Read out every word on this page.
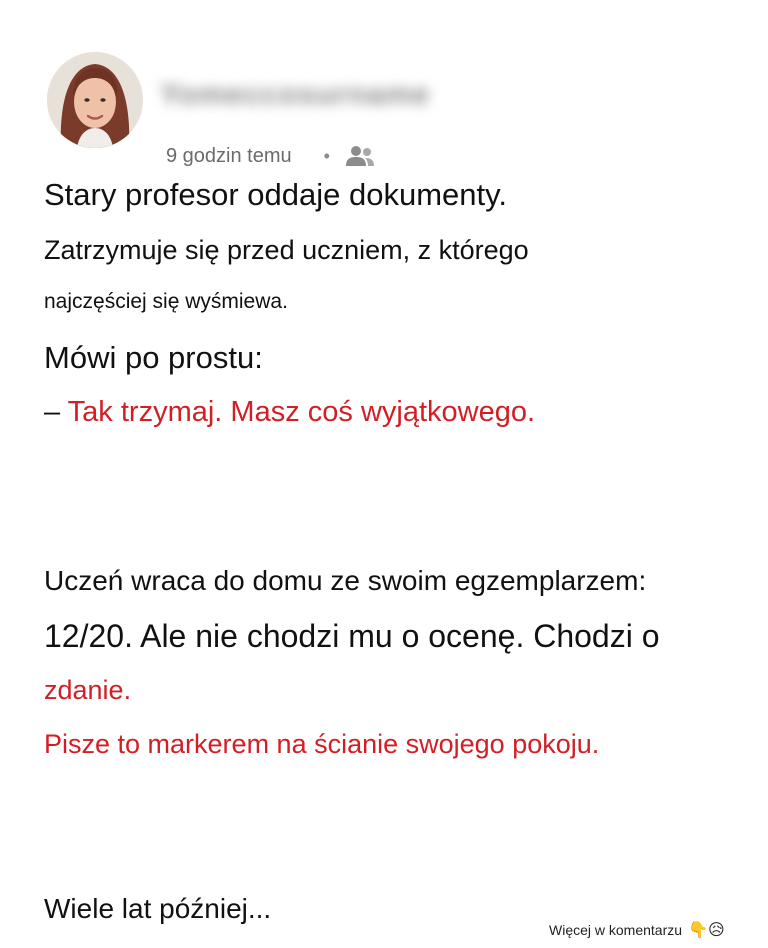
Yomeccosurname
9 godzin temu •
Stary profesor oddaje dokumenty.
Zatrzymuje się przed uczniem, z którego
najczęściej się wyśmiewa.
Mówi po prostu:
– Tak trzymaj. Masz coś wyjątkowego.
Uczeń wraca do domu ze swoim egzemplarzem:
12/20. Ale nie chodzi mu o ocenę. Chodzi o
zdanie.
Pisze to markerem na ścianie swojego pokoju.
Wiele lat później...
Więcej w komentarzu 👇😥
